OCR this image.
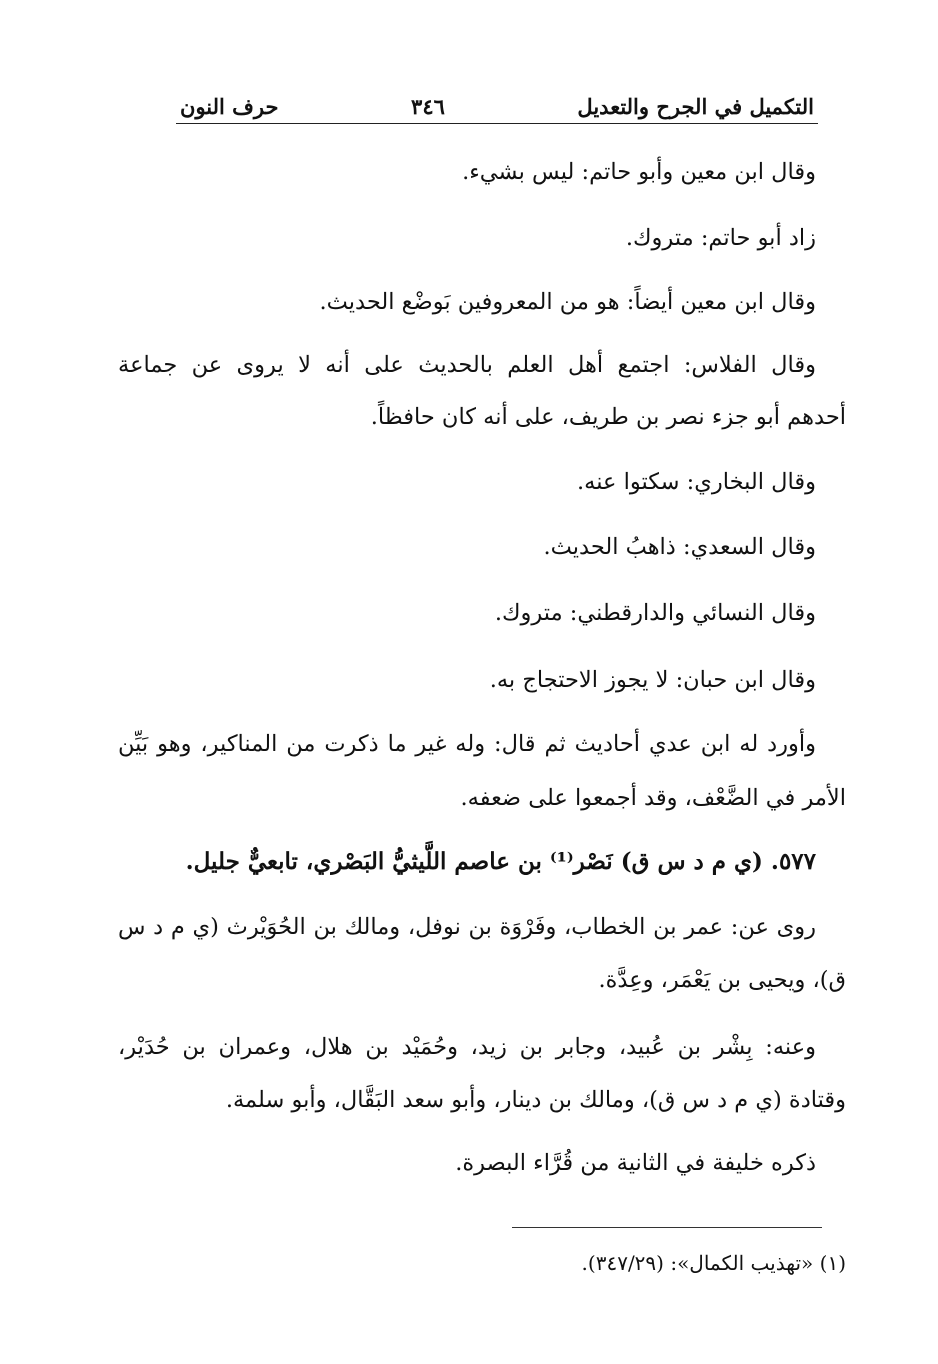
التكميل في الجرح والتعديل
٣٤٦
حرف النون
وقال ابن معين وأبو حاتم: ليس بشيء.
زاد أبو حاتم: متروك.
وقال ابن معين أيضاً: هو من المعروفين بَوضْع الحديث.
وقال الفلاس: اجتمع أهل العلم بالحديث على أنه لا يروى عن جماعة
أحدهم أبو جزء نصر بن طريف، على أنه كان حافظاً.
وقال البخاري: سكتوا عنه.
وقال السعدي: ذاهبُ الحديث.
وقال النسائي والدارقطني: متروك.
وقال ابن حبان: لا يجوز الاحتجاج به.
وأورد له ابن عدي أحاديث ثم قال: وله غير ما ذكرت من المناكير، وهو بَيِّن
الأمر في الضَّعْف، وقد أجمعوا على ضعفه.
٥٧٧. (ي م د س ق) نَصْر⁽¹⁾ بن عاصم اللَّيثيُّ البَصْري، تابعيٌّ جليل.
روى عن: عمر بن الخطاب، وفَرْوَة بن نوفل، ومالك بن الحُوَيْرث (ي م د س
ق)، ويحيى بن يَعْمَر، وعِدَّة.
وعنه: بِشْر بن عُبيد، وجابر بن زيد، وحُمَيْد بن هلال، وعمران بن حُدَيْر،
وقتادة (ي م د س ق)، ومالك بن دينار، وأبو سعد البَقَّال، وأبو سلمة.
ذكره خليفة في الثانية من قُرَّاء البصرة.
(١) «تهذيب الكمال»: (٣٤٧/٢٩).
